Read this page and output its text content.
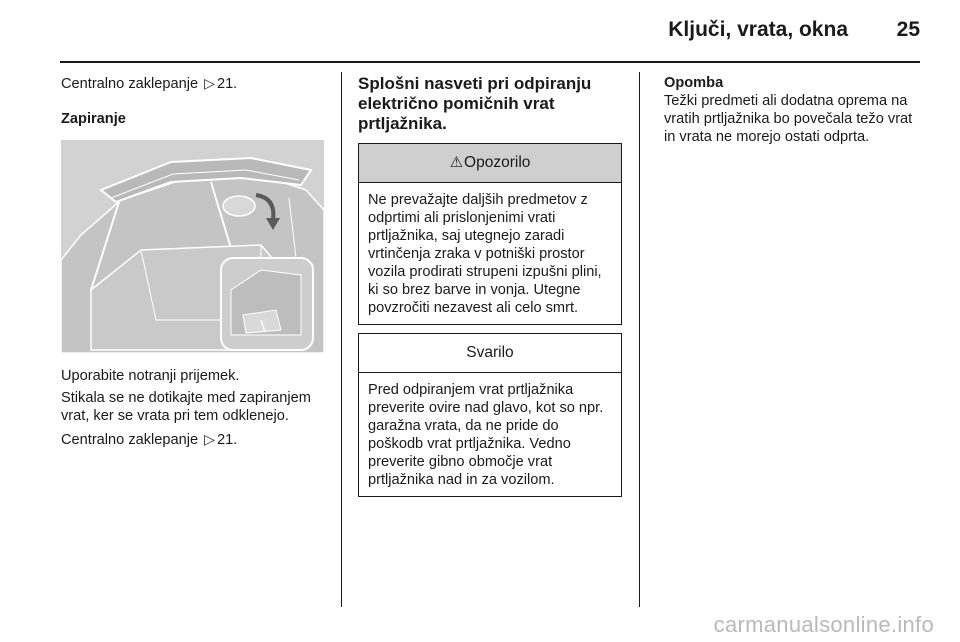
Ključi, vrata, okna 25

Centralno zaklepanje ▷ 21.

Zapiranje

Uporabite notranji prijemek.

Stikala se ne dotikajte med zapiranjem vrat, ker se vrata pri tem odklenejo.

Centralno zaklepanje ▷ 21.

Splošni nasveti pri odpiranju električno pomičnih vrat prtljažnika.

⚠Opozorilo
Ne prevažajte daljših predmetov z odprtimi ali prislonjenimi vrati prtljažnika, saj utegnejo zaradi vrtinčenja zraka v potniški prostor vozila prodirati strupeni izpušni plini, ki so brez barve in vonja. Utegne povzročiti nezavest ali celo smrt.
Svarilo
Pred odpiranjem vrat prtljažnika preverite ovire nad glavo, kot so npr. garažna vrata, da ne pride do poškodb vrat prtljažnika. Vedno preverite gibno območje vrat prtljažnika nad in za vozilom.

Opomba

Težki predmeti ali dodatna oprema na vratih prtljažnika bo povečala težo vrat in vrata ne morejo ostati odprta.

carmanualsonline.info
